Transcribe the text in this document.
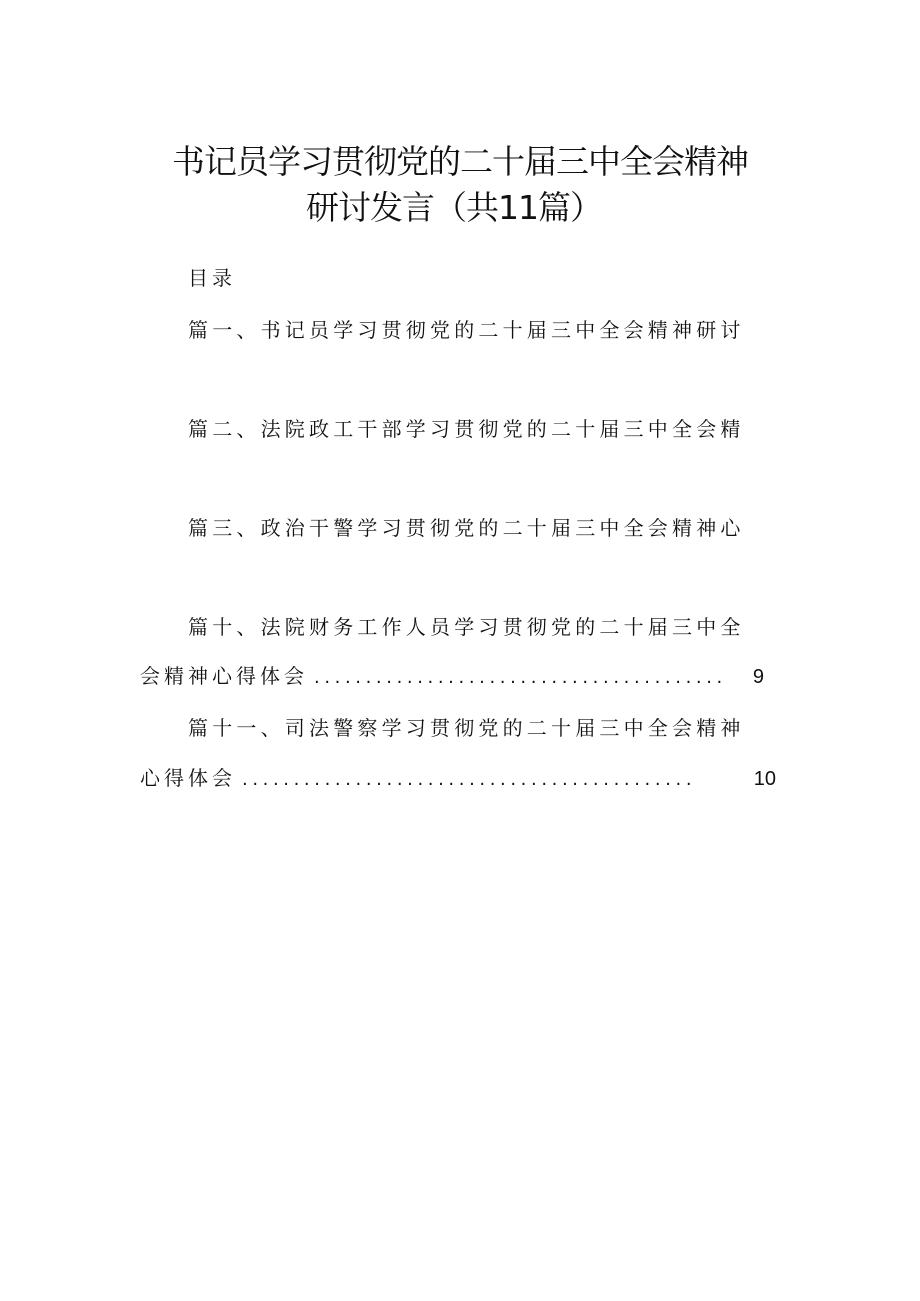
书记员学习贯彻党的二十届三中全会精神
研讨发言（共11篇）
目录
篇一、书记员学习贯彻党的二十届三中全会精神研讨
篇二、法院政工干部学习贯彻党的二十届三中全会精
篇三、政治干警学习贯彻党的二十届三中全会精神心
篇十、法院财务工作人员学习贯彻党的二十届三中全
会精神心得体会 ........................................	9
篇十一、司法警察学习贯彻党的二十届三中全会精神
心得体会 ............................................	10
